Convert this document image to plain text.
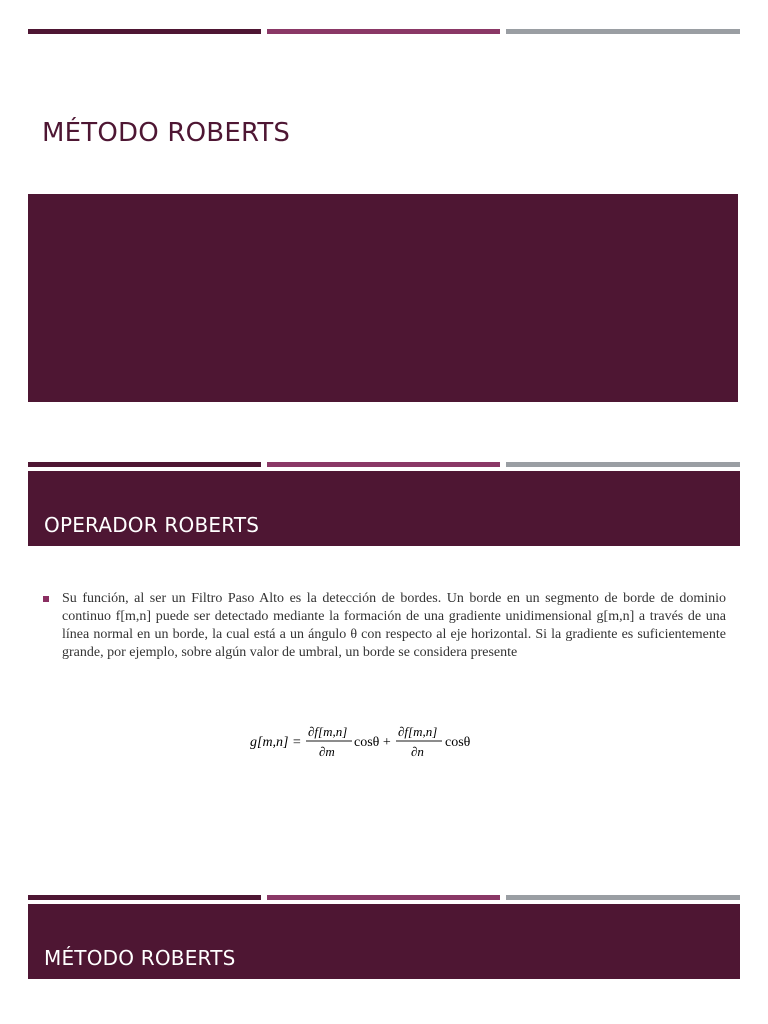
MÉTODO ROBERTS
OPERADOR ROBERTS
Su función, al ser un Filtro Paso Alto es la detección de bordes. Un borde en un segmento de borde de dominio continuo f[m,n] puede ser detectado mediante la formación de una gradiente unidimensional g[m,n] a través de una línea normal en un borde, la cual está a un ángulo θ con respecto al eje horizontal. Si la gradiente es suficientemente grande, por ejemplo, sobre algún valor de umbral, un borde se considera presente
g[m,n] =
∂f[m,n]
∂m
cosθ +
∂f[m,n]
∂n
cosθ
MÉTODO ROBERTS
